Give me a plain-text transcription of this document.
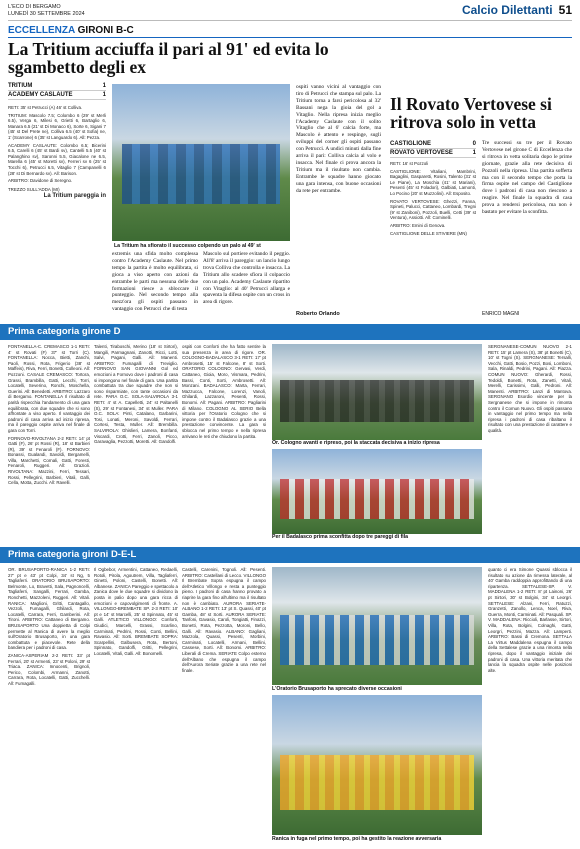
L'ECO DI BERGAMO
LUNEDÌ 30 SETTEMBRE 2024	Calcio Dilettanti 51
ECCELLENZA GIRONI B-C
La Tritium acciuffa il pari al 91' ed evita lo sgambetto degli ex
TRITIUM	1
ACADEMY CASLAUTE	1

RETI: 35' st Petrucci (A) 46' st Colliva.

TRITIUM: Mascolo 7.5; Colombo 6 (29' st Merli 6.5), Verga 6, Milesi 6, Grietti 6, Bartaglio 6, Manara 6.5 (21' st Di Monaco 6), Sorte 6, Sigani 7 (45' st Del Prete ne), Colliva 6.5 (40' st Sofia) ne, 1' (Scarrone) 6 (35' st Languardo 6). All: Pezza.

ACADEMY CASLAUTE: Colombo 6.5; Bicerini 6.5, Carelli 6 (45' st Bardi sv), Cantelli 5.5 (40' st Palanghino sv), Saronni 5.5, Giacalone ne 6.5, Marella 6 (45' st Moretti sv), Ferreri sv 6 (25' st Tocchi 6), Petrucci 6.5, Vitaglio 7 (Campanelli 6 (28' st Di Bernardo sv). All: Barison.

ARBITRO: Davidone di Seregno.

TREZZO SULL'ADDA (MI)

La Tritium pareggia in

La Tritium ha sfiorato il successo colpendo un palo al 49' st
extremis una sfida molto complessa contro l'Academy Caslaute. Nel primo tempo la partita è molto equilibrata, si gioca a viso aperto con azioni da entrambe le parti ma nessuna delle due formazioni riesce a sbloccare il punteggio. Nel secondo tempo alla mezz'ora gli ospiti passano in vantaggio con Petrucci che di testa
Mascolo sul portiere evitando il peggio. All'8' arriva il pareggio: un lancio lungo trova Colliva che controlla e insacca. La Tritium allo scadere sfiora il colpaccio con un palo. Academy Caslaute ripartito con Vitaglio: al 40' Petrucci allarga e spaventa la difesa ospite con un cross in area di rigore.
ospiti vanno vicini al vantaggio con tiro di Petrucci che stampa sul palo. La Tritium torna a farsi pericolosa al 32' Bassani nega la gioia del gol a Vitaglio. Nella ripresa inizia meglio l'Academy Caslaute con il solito Vitaglio che al 6' calcia forte, ma Mascolo è attento e respinge, sugli sviluppi del corner gli ospiti passano con Petrucci. A undici minuti dalla fine arriva il pari: Colliva calcia al volo e insacca. Nel finale ci prova ancora la Tritium ma il risultato non cambia. Entrambe le squadre hanno giocato una gara intensa, con buone occasioni da rete per entrambe.
Roberto Orlando
Il Rovato Vertovese si ritrova solo in vetta
CASTIGLIONE	0
ROVATO VERTOVESE	1

RETI: 16' st Pozzoli

CASTIGLIONE: Vitaliani, Mambrini, Bagaglini, Gasparetti, Rosini, Talento (31' st Le Piane), La Moschia (41' st Mariani), Pesenti (45' st Foladori), Galbiati, Lamonti, Lo Pocino (20' st Muzzolini). All: Esposito.

ROVATO VERTOVESE: Ghezzi, Fanna, Spineti, Palucci, Cattaneo, Lombardi, Tregni (9' st Zaniboni), Pozzoli, Buelli, Cetti (39' st Ventura), Assiotti. All: Cominelli.

ARBITRO: Emini di Genova.

CASTIGLIONE DELLE STIVIERE (MN)

Tre successi su tre per il Rovato Vertovese nel girone C di Eccellenza che si ritrova in vetta solitaria dopo le prime giornate, grazie alla rete decisiva di Pozzoli nella ripresa. Una partita sofferta ma con il secondo tempo che porta la firma ospite nel campo del Castiglione dove i padroni di casa non riescono a reagire. Nel finale la squadra di casa prova a rendersi pericolosa, ma non è bastato per evitare la sconfitta.
ENRICO MAGNI
Prima categoria girone D

FONTANELLA-C. CREMASCO 1-1 RETI: 4' st Rovati (F) 37' st Torri (C). FONTANELLA: Nocca, Bietti, Zanchi, Paoli, Rossi, Rota, Frigerio (38' st Maffeis), Riva, Ferri, Bonetti, Colleoni. All: Pozzoni. CASALE CREMASCO: Tortora, Grassi, Brambilla, Gatti, Lecchi, Torri, Locatelli, Severino, Ronchi, Moschella, Guerini. All: Benedetti. ARBITRO: Lazzaro di Bergamo. FONTANELLA Il risultato di parità rispecchia l'andamento di una gara equilibrata, con due squadre che si sono affrontate a viso aperto. Il vantaggio dei padroni di casa arriva ad inizio ripresa, ma il pareggio ospite arriva nel finale di gara con Torri.

FORNOVO-RIVOLTANA 2-2 RETI: 14' pt Gatti (F), 26' pt Rossi (R), 18' st Barbieri (R), 39' st Fenaroli (F). FORNOVO: Bonassi, Gualandi, Savoldi, Bergamelli, Villa, Marchetti, Cornali, Gatti, Foresti, Fenaroli, Ruggeri. All: Grazioli. RIVOLTANA: Mazzini, Ferri, Tessari, Rossi, Pellegrini, Barbieri, Vitali, Galli, Cella, Motta, Zucchi. All: Ravelli.

Talenti, Tiraboschi, Merino (18' st Sirtori), Mangili, Parmagnani, Zanotti, Ricci, Lotti, Salvi, Pagani, Galli. All: Manenti. ARBITRO: Fumagalli di Treviglio. FORNOVO SAN GIOVANNI Gol ed emozioni a Fornovo dove i padroni di casa si impongono nel finale di gara. Una partita combattuta tra due squadre che non si sono risparmiate, con tante occasioni da rete. PARA O.C. SOLA-SALVIROLA 3-1 RETI: 4' st A. Capelletti, 24' st Paltanelli (S), 29' st Fontanesi, 34' st Muller. PARA O.C. SOLA: Pinti, Catalano, Garbarini, Tosi, Lonati, Meroni, Savoldi, Ferrari, Cortesi, Testa, Muller. All: Brembilla. SALVIROLA: Ghislieri, Lamera, Bonfanti, Viscardi, Crotti, Ferri, Zanoli, Picco, Garavaglia, Pezzotti, Moretti. All: Gandolfi.
ospiti con Conforti che ha fatto sentire la sua presenza in area di rigore. OR. COLOGNO-BADALASCO 3-1 RETI: 17' pt Ambrosetti, 15' st Falcone, 8' st Sorti. ORATORIO COLOGNO: Gervasi, Verdi, Cattaneo, Gioia, Moro, Vismara, Pedrini, Bassi, Conti, Sorti, Ambrosetti. All: Monzani. BADALASCO: Marta, Ferrari, Mazzucca, Falcone, Lorenzi, Vanoli, Ghilardi, Lazzaroni, Pesenti, Rossi, Bonomi. All: Pagani. ARBITRO: Pagliarini di Milano. COLOGNO AL SERIO Bella vittoria per l'Oratorio Cologno che si impone contro il Badalasco grazie a una prestazione convincente. La gara si sblocca nel primo tempo e nella ripresa arrivano le reti che chiudono la partita.
Or. Cologno avanti e ripreso, poi la staccata decisiva a inizio ripresa
Per il Badalasco prima sconfitta dopo tre pareggi di fila
SERGNANESE-COMUN NUOVO 2-1 RETI: 15' pt Lamera (S), 38' pt Bonetti (C), 10' st Togni (S). SERGNANESE: Tersalli, Vecchi, Gatti, Bosio, Pozzi, Bosi, Lomboni, Sala, Rinaldi, Pedrini, Pagani. All: Piazza. COMUN NUOVO: Gherardi, Rossi, Tedoldi, Bonetti, Rota, Zanetti, Vitali, Merelli, Carissimi, Galli, Pedroni. All: Manenti. ARBITRO: Lanzi di Mantova. SERGNANO Esordio vincente per la Sergnanese che si impone in rimonta contro il Comun Nuovo. Gli ospiti passano in vantaggio nel primo tempo ma nella ripresa i padroni di casa ribaltano il risultato con una prestazione di carattere e qualità.
Prima categoria gironi D-E-L

OR. BRUSAPORTO-RANICA 1-2 RETI: 27' pt e 43' pt Colpi, 34' st Ng, 5 Tagliaferri. ORATORIO BRUSAPORTO: Belmonte, Lo, Bravetti, Sala, Pagnoncelli, Tagliaferri, Sangalli, Ferrari, Gamba, Ronchetti, Mazzoleni, Ruggeri. All: Vitali. RANICA: Maglioni, Gritti, Cantagallo, Vezzoli, Fumagalli, Ghilardi, Rota, Locatelli, Carrara, Ferri, Gamberini. All: Tironi. ARBITRO: Cattaneo di Bergamo. BRUSAPORTO Una doppietta di Colpi permette al Ranica di avere la meglio sull'Oratorio Brusaporto, in una gara combattuta e piacevole. Rete della bandiera per i padroni di casa.

ZANICA-ASPERIAM 2-2 RETI: 33' pt Ferrari, 20' st Armenti, 23' st Poloni, 29' st Triaca. ZANICA: Innocenti, Brignoli, Perico, Colombi, Armanni, Zanotti, Carrara, Rota, Locatelli, Gatti, Zucchelli. All: Fumagalli.

Il Ogbebor, Armentini, Cattaneo, Redaelli, Rotoli, Pirola, Agoutrem, Villa, Tagliaferri, Ginetti, Poloni, Castelli, Bonetti. All: Albanese. ZANICA Pareggio e spettacolo a Zanica dove le due squadre si dividono la posta in palio dopo una gara ricca di emozioni e capovolgimenti di fronte. A. VILLONGO-BREMBATE SP. 2-3 RETI: 10' pt e 14' st Marcelli, 25' st Spinnato, 45' st Galli. ATLETICO VILLONGO: Conforti, Giudici, Marcelli, Grassi, Scarlino, Carminati, Pedrini, Rossi, Conti, Bellini, Ravasio. All: Sorti. BREMBATE SOPRA: Scarpellini, Galbusera, Rota, Bertoni, Spinnato, Gandolfi, Gritti, Pellegrini, Locatelli, Vitali, Galli. All: Bonomelli.
Castelli, Carenini, Tognoli. All: Pesenti. ARBITRO: Castellani di Lecco. VILLONGO Il Brembate Sopra espugna il campo dell'Atletico Villongo e resta a punteggio pieno. I padroni di casa hanno provato a riaprire la gara fino all'ultimo ma il risultato non è cambiato. AURORA SERIATE-ALBANO 1-2 RETI: 13' pt S. Quassi, 40' pt Gamba, 48' st Sorti. AURORA SERIATE: Tanfoni, Gavasio, Caroli, Tongiatti, Finazzi, Bonetti, Rota, Pezzotta, Moroni, Bello, Galli. All: Ravasio. ALBANO: Gagliani, Mazzola, Quassi, Pesenti, Morbini, Carminati, Locatelli, Armani, Bellini, Cassese, Sorti. All: Bonomi. ARBITRO: Liberali di Crema. SERIATE Colpo esterno dell'Albano che espugna il campo dell'Aurora Seriate grazie a una rete nel finale.
L'Oratorio Brusaporto ha sprecato diverse occasioni
Ranica in fuga nel primo tempo, poi ha gestito la reazione avversaria
quanto ci era Simone Quassi sblocca il risultato su azione da rimessa laterale, al 40' Gamba raddoppia approfittando di una ripartenza. SETTALESE-SP. V. MADDALENA 1-2 RETI: 8' pt Lainoni, 26' pt Sirtori, 30' st Bolgini, 34' st Leorgri. SETTALESE: Alzani, Ferri, Ratuzzi, Granzetti, Zanollo, Lenca, Noel, Riva, Guerra, Monti, Carminati. All: Pasquali. SP. V. MADDALENA: Riccioli, Barlasse, Sirtori, Villa, Rota, Bolgini, Colnaghi, Gatti, Leorgri, Pezzini, Mazza. All: Lamperti. ARBITRO: Bassi di Cremona. SETTALA La Virtus Maddalena espugna il campo della Settalese grazie a una rimonta nella ripresa, dopo il vantaggio iniziale dei padroni di casa. Una vittoria meritata che lancia la squadra ospite nelle posizioni alte.
